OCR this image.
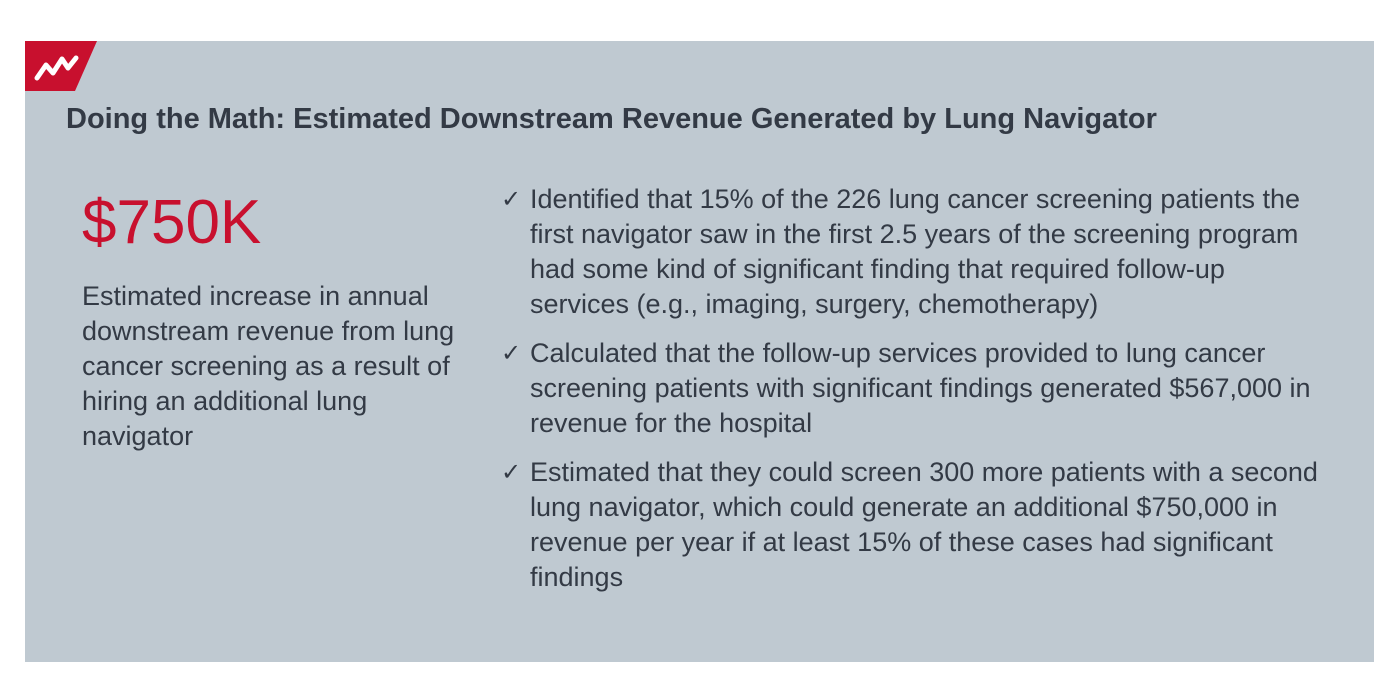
Doing the Math: Estimated Downstream Revenue Generated by Lung Navigator
$750K
Estimated increase in annual downstream revenue from lung cancer screening as a result of hiring an additional lung navigator
✓ Identified that 15% of the 226 lung cancer screening patients the first navigator saw in the first 2.5 years of the screening program had some kind of significant finding that required follow-up services (e.g., imaging, surgery, chemotherapy)
✓ Calculated that the follow-up services provided to lung cancer screening patients with significant findings generated $567,000 in revenue for the hospital
✓ Estimated that they could screen 300 more patients with a second lung navigator, which could generate an additional $750,000 in revenue per year if at least 15% of these cases had significant findings
